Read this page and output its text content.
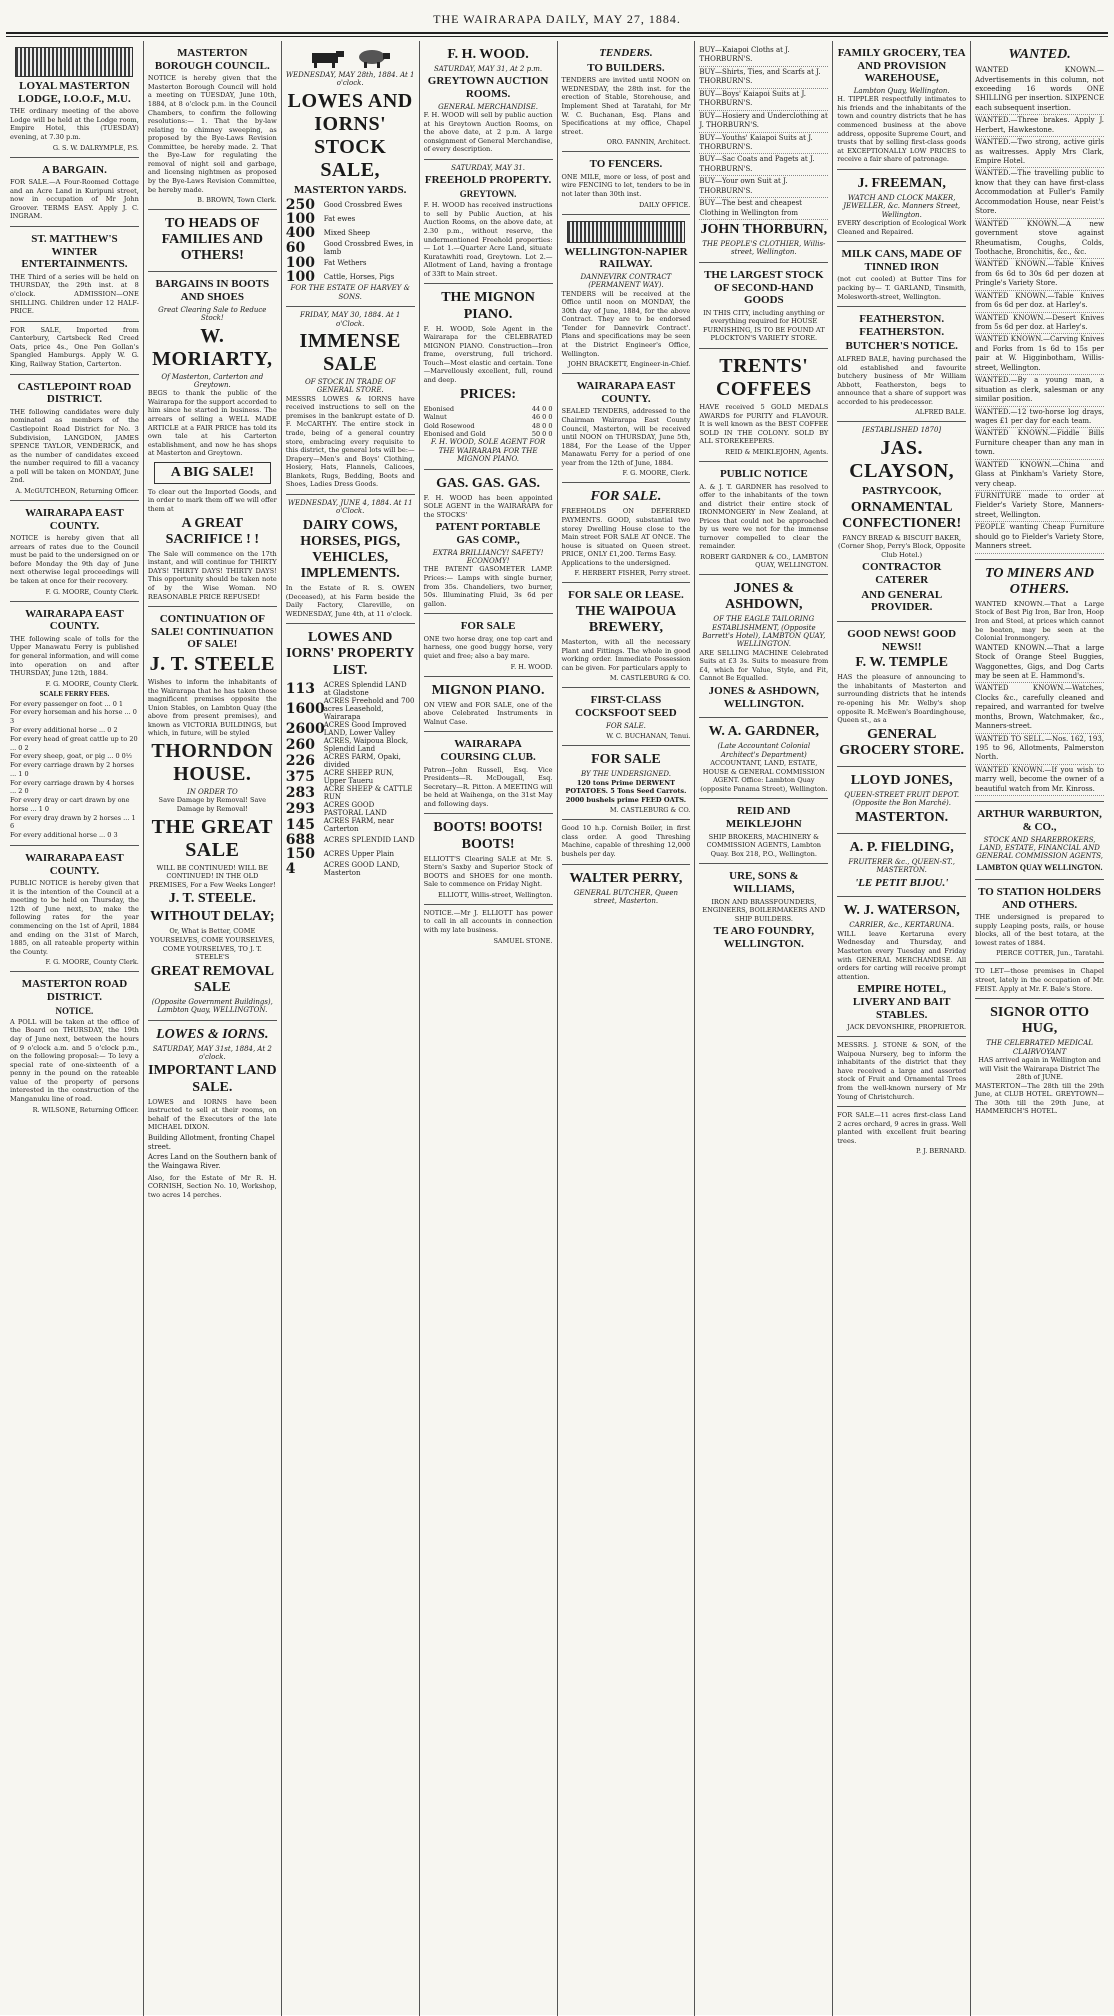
THE WAIRARAPA DAILY, MAY 27, 1884.
LOYAL MASTERTON LODGE, I.O.O.F., M.U.

THE ordinary meeting of the above Lodge will be held at the Lodge room, Empire Hotel, this (TUESDAY) evening, at 7.30 p.m.

G. S. W. DALRYMPLE, P.S.
A BARGAIN.

FOR SALE.—A Four-Roomed Cottage and an Acre Land in Kuripuni street, now in occupation of Mr John Groover. TERMS EASY. Apply J. C. INGRAM.

ST. MATTHEW'S WINTER ENTERTAINMENTS.

THE Third of a series will be held on THURSDAY, the 29th inst. at 8 o'clock. ADMISSION—ONE SHILLING. Children under 12 HALF-PRICE.

FOR SALE, Imported from Canterbury, Cartsbeck Red Creed Oats, price 4s., One Pen Gollan's Spangled Hamburgs. Apply W. G. King, Railway Station, Carterton.

CASTLEPOINT ROAD DISTRICT.

THE following candidates were duly nominated as members of the Castlepoint Road District for No. 3 Subdivision, LANGDON, JAMES SPENCE TAYLOR, VENDERICK, and as the number of candidates exceed the number required to fill a vacancy a poll will be taken on MONDAY, June 2nd.

A. McGUTCHEON, Returning Officer.
WAIRARAPA EAST COUNTY.

NOTICE is hereby given that all arrears of rates due to the Council must be paid to the undersigned on or before Monday the 9th day of June next otherwise legal proceedings will be taken at once for their recovery.

F. G. MOORE, County Clerk.
WAIRARAPA EAST COUNTY.

THE following scale of tolls for the Upper Manawatu Ferry is published for general information, and will come into operation on and after THURSDAY, June 12th, 1884.

F. G. MOORE, County Clerk.
SCALE FERRY FEES.
For every passenger on foot ... 0 1
For every horseman and his horse ... 0 3
For every additional horse ... 0 2
For every head of great cattle up to 20 ... 0 2
For every sheep, goat, or pig ... 0 0½
For every carriage drawn by 2 horses ... 1 0
For every carriage drawn by 4 horses ... 2 0
For every dray or cart drawn by one horse ... 1 0
For every dray drawn by 2 horses ... 1 6
For every additional horse ... 0 3
WAIRARAPA EAST COUNTY.

PUBLIC NOTICE is hereby given that it is the intention of the Council at a meeting to be held on Thursday, the 12th of June next, to make the following rates for the year commencing on the 1st of April, 1884 and ending on the 31st of March, 1885, on all rateable property within the County.

F. G. MOORE, County Clerk.
MASTERTON ROAD DISTRICT.
NOTICE.

A POLL will be taken at the office of the Board on THURSDAY, the 19th day of June next, between the hours of 9 o'clock a.m. and 5 o'clock p.m., on the following proposal:— To levy a special rate of one-sixteenth of a penny in the pound on the rateable value of the property of persons interested in the construction of the Manganuku line of road.

R. WILSONE, Returning Officer.
MASTERTON BOROUGH COUNCIL.

NOTICE is hereby given that the Masterton Borough Council will hold a meeting on TUESDAY, June 10th, 1884, at 8 o'clock p.m. in the Council Chambers, to confirm the following resolutions:— 1. That the by-law relating to chimney sweeping, as proposed by the Bye-Laws Revision Committee, be hereby made. 2. That the Bye-Law for regulating the removal of night soil and garbage, and licensing nightmen as proposed by the Bye-Laws Revision Committee, be hereby made.

B. BROWN, Town Clerk.
TO HEADS OF FAMILIES AND OTHERS!
BARGAINS IN BOOTS AND SHOES
Great Clearing Sale to Reduce Stock!
W. MORIARTY,
Of Masterton, Carterton and Greytown.

BEGS to thank the public of the Wairarapa for the support accorded to him since he started in business. The arrears of selling a WELL MADE ARTICLE at a FAIR PRICE has told its own tale at his Carterton establishment, and now he has shops at Masterton and Greytown.

A BIG SALE!

To clear out the Imported Goods, and in order to mark them off we will offer them at

A GREAT SACRIFICE ! !

The Sale will commence on the 17th instant, and will continue for THIRTY DAYS! THIRTY DAYS! THIRTY DAYS! This opportunity should be taken note of by the Wise Woman. NO REASONABLE PRICE REFUSED!

CONTINUATION OF SALE! CONTINUATION OF SALE!
J. T. STEELE

Wishes to inform the inhabitants of the Wairarapa that he has taken those magnificent premises opposite the Union Stables, on Lambton Quay (the above from present premises), and known as VICTORIA BUILDINGS, but which, in future, will be styled

THORNDON HOUSE.
IN ORDER TO

Save Damage by Removal! Save Damage by Removal!

THE GREAT SALE

WILL BE CONTINUED! WILL BE CONTINUED! IN THE OLD PREMISES, For a Few Weeks Longer!

J. T. STEELE.
WITHOUT DELAY;

Or, What is Better, COME YOURSELVES, COME YOURSELVES, COME YOURSELVES, TO J. T. STEELE'S

GREAT REMOVAL SALE
(Opposite Government Buildings), Lambton Quay, WELLINGTON.
LOWES & IORNS.
SATURDAY, MAY 31st, 1884, At 2 o'clock.
IMPORTANT LAND SALE.

LOWES and IORNS have been instructed to sell at their rooms, on behalf of the Executors of the late MICHAEL DIXON.

Building Allotment, fronting Chapel street.
Acres Land on the Southern bank of the Waingawa River.

Also, for the Estate of Mr R. H. CORNISH, Section No. 10, Workshop, two acres 14 perches.

WEDNESDAY, MAY 28th, 1884. At 1 o'clock.
LOWES AND IORNS' STOCK SALE,
MASTERTON YARDS.
250	Good Crossbred Ewes
100	Fat ewes
400	Mixed Sheep
60	Good Crossbred Ewes, in lamb
100	Fat Wethers
100	Cattle, Horses, Pigs
FOR THE ESTATE OF HARVEY & SONS.
FRIDAY, MAY 30, 1884. At 1 o'Clock.
IMMENSE SALE
OF STOCK IN TRADE OF GENERAL STORE.

MESSRS LOWES & IORNS have received instructions to sell on the premises in the bankrupt estate of D. F. McCARTHY. The entire stock in trade, being of a general country store, embracing every requisite to this district, the general lots will be:— Drapery—Men's and Boys' Clothing, Hosiery, Hats, Flannels, Calicoes, Blankets, Rugs, Bedding, Boots and Shoes, Ladies Dress Goods.

WEDNESDAY, JUNE 4, 1884. At 11 o'Clock.
DAIRY COWS, HORSES, PIGS, VEHICLES, IMPLEMENTS.

In the Estate of R. S. OWEN (Deceased), at his Farm beside the Daily Factory, Clareville, on WEDNESDAY, June 4th, at 11 o'clock.

LOWES AND IORNS' PROPERTY LIST.
113	ACRES Splendid LAND at Gladstone
1600 ACRES Freehold and 700 acres Leasehold, Wairarapa
2600 ACRES Good Improved LAND, Lower Valley
260	ACRES, Waipoua Block, Splendid Land
226	ACRES FARM, Opaki, divided
375	ACRE SHEEP RUN, Upper Taueru
283	ACRE SHEEP & CATTLE RUN
293	ACRES GOOD PASTORAL LAND
145	ACRES FARM, near Carterton
688	ACRES SPLENDID LAND
150	ACRES Upper Plain
4	ACRES GOOD LAND, Masterton
F. H. WOOD.
SATURDAY, MAY 31, At 2 p.m.
GREYTOWN AUCTION ROOMS.
GENERAL MERCHANDISE.

F. H. WOOD will sell by public auction at his Greytown Auction Rooms, on the above date, at 2 p.m. A large consignment of General Merchandise, of every description.

SATURDAY, MAY 31.
FREEHOLD PROPERTY.
GREYTOWN.

F. H. WOOD has received instructions to sell by Public Auction, at his Auction Rooms, on the above date, at 2.30 p.m., without reserve, the undermentioned Freehold properties:— Lot 1.—Quarter Acre Land, situate Kuratawhiti road, Greytown. Lot 2.—Allotment of Land, having a frontage of 33ft to Main street.

THE MIGNON PIANO.

F. H. WOOD, Sole Agent in the Wairarapa for the CELEBRATED MIGNON PIANO. Construction—Iron frame, overstrung, full trichord. Touch—Most elastic and certain. Tone—Marvellously excellent, full, round and deep.

PRICES:
Ebonised	44 0 0
Walnut	46 0 0
Gold Rosewood	48 0 0
Ebonised and Gold	50 0 0
F. H. WOOD, SOLE AGENT FOR THE WAIRARAPA FOR THE MIGNON PIANO.
GAS. GAS. GAS.

F. H. WOOD has been appointed SOLE AGENT in the WAIRARAPA for the STOCKS'

PATENT PORTABLE GAS COMP.,
EXTRA BRILLIANCY! SAFETY! ECONOMY!

THE PATENT GASOMETER LAMP. Prices:— Lamps with single burner, from 35s. Chandeliers, two burner, 50s. Illuminating Fluid, 3s 6d per gallon.

FOR SALE

ONE two horse dray, one top cart and harness, one good buggy horse, very quiet and free; also a bay mare.

F. H. WOOD.
MIGNON PIANO.

ON VIEW and FOR SALE, one of the above Celebrated Instruments in Walnut Case.

WAIRARAPA COURSING CLUB.

Patron—John Russell, Esq. Vice Presidents—R. McDougall, Esq. Secretary—R. Pitton. A MEETING will be held at Waihenga, on the 31st May and following days.

BOOTS! BOOTS! BOOTS!

ELLIOTT'S Clearing SALE at Mr. S. Stern's Saxby and Superior Stock of BOOTS and SHOES for one month. Sale to commence on Friday Night.

ELLIOTT, Willis-street, Wellington.

NOTICE.—Mr J. ELLIOTT has power to call in all accounts in connection with my late business.

SAMUEL STONE.
TENDERS.
TO BUILDERS.

TENDERS are invited until NOON on WEDNESDAY, the 28th inst. for the erection of Stable, Storehouse, and Implement Shed at Taratahi, for Mr W. C. Buchanan, Esq. Plans and Specifications at my office, Chapel street.

ORO. FANNIN, Architect.
TO FENCERS.

ONE MILE, more or less, of post and wire FENCING to let, tenders to be in not later than 30th inst.

DAILY OFFICE.
WELLINGTON-NAPIER RAILWAY.
DANNEVIRK CONTRACT (PERMANENT WAY).

TENDERS will be received at the Office until noon on MONDAY, the 30th day of June, 1884, for the above Contract. They are to be endorsed 'Tender for Dannevirk Contract'. Plans and specifications may be seen at the District Engineer's Office, Wellington.

JOHN BRACKETT, Engineer-in-Chief.
WAIRARAPA EAST COUNTY.

SEALED TENDERS, addressed to the Chairman Wairarapa East County Council, Masterton, will be received until NOON on THURSDAY, June 5th, 1884, For the Lease of the Upper Manawatu Ferry for a period of one year from the 12th of June, 1884.

F. G. MOORE, Clerk.
FOR SALE.

FREEHOLDS ON DEFERRED PAYMENTS. GOOD, substantial two storey Dwelling House close to the Main street FOR SALE AT ONCE. The house is situated on Queen street. PRICE, ONLY £1,200. Terms Easy.

Applications to the undersigned.

F. HERBERT FISHER, Perry street.
FOR SALE OR LEASE.
THE WAIPOUA BREWERY,

Masterton, with all the necessary Plant and Fittings. The whole in good working order. Immediate Possession can be given. For particulars apply to

M. CASTLEBURG & CO.
FIRST-CLASS COCKSFOOT SEED
FOR SALE.
W. C. BUCHANAN, Tenui.
FOR SALE
BY THE UNDERSIGNED.

120 tons Prime DERWENT POTATOES. 5 Tons Seed Carrots. 2000 bushels prime FEED OATS.

M. CASTLEBURG & CO.

Good 10 h.p. Cornish Boiler, in first class order. A good Threshing Machine, capable of threshing 12,000 bushels per day.

WALTER PERRY,
GENERAL BUTCHER, Queen street, Masterton.
BUY—Kaiapoi Cloths at J. THORBURN'S.
BUY—Shirts, Ties, and Scarfs at J. THORBURN'S.
BUY—Boys' Kaiapoi Suits at J. THORBURN'S.
BUY—Hosiery and Underclothing at J. THORBURN'S.
BUY—Youths' Kaiapoi Suits at J. THORBURN'S.
BUY—Sac Coats and Pagets at J. THORBURN'S.
BUY—Your own Suit at J. THORBURN'S.
BUY—The best and cheapest Clothing in Wellington from
JOHN THORBURN,
THE PEOPLE'S CLOTHIER, Willis-street, Wellington.
THE LARGEST STOCK OF SECOND-HAND GOODS

IN THIS CITY, including anything or everything required for HOUSE FURNISHING, IS TO BE FOUND AT PLOCKTON'S VARIETY STORE.

TRENTS' COFFEES

HAVE received 5 GOLD MEDALS AWARDS for PURITY and FLAVOUR. It is well known as the BEST COFFEE SOLD IN THE COLONY. SOLD BY ALL STOREKEEPERS.

REID & MEIKLEJOHN, Agents.
PUBLIC NOTICE

A. & J. T. GARDNER has resolved to offer to the inhabitants of the town and district their entire stock of IRONMONGERY in New Zealand, at Prices that could not be approached by us were we not for the immense turnover compelled to clear the remainder.

ROBERT GARDNER & CO., LAMBTON QUAY, WELLINGTON.
JONES & ASHDOWN,
OF THE EAGLE TAILORING ESTABLISHMENT, (Opposite Barrett's Hotel), LAMBTON QUAY, WELLINGTON.

ARE SELLING MACHINE Celebrated Suits at £3 3s. Suits to measure from £4, which for Value, Style, and Fit, Cannot Be Equalled.

JONES & ASHDOWN, WELLINGTON.
W. A. GARDNER,
(Late Accountant Colonial Architect's Department)

ACCOUNTANT, LAND, ESTATE, HOUSE & GENERAL COMMISSION AGENT. Office: Lambton Quay (opposite Panama Street), Wellington.

REID AND MEIKLEJOHN

SHIP BROKERS, MACHINERY & COMMISSION AGENTS, Lambton Quay. Box 218, P.O., Wellington.

URE, SONS & WILLIAMS,

IRON AND BRASSFOUNDERS, ENGINEERS, BOILERMAKERS AND SHIP BUILDERS.

TE ARO FOUNDRY, WELLINGTON.
FAMILY GROCERY, TEA AND PROVISION WAREHOUSE,
Lambton Quay, Wellington.

H. TIPPLER respectfully intimates to his friends and the inhabitants of the town and country districts that he has commenced business at the above address, opposite Supreme Court, and trusts that by selling first-class goods at EXCEPTIONALLY LOW PRICES to receive a fair share of patronage.

J. FREEMAN,
WATCH AND CLOCK MAKER, JEWELLER, &c. Manners Street, Wellington.

EVERY description of Ecological Work Cleaned and Repaired.

MILK CANS, MADE OF TINNED IRON

(not cut cooled) at Butter Tins for packing by— T. GARLAND, Tinsmith, Molesworth-street, Wellington.

FEATHERSTON. FEATHERSTON.
BUTCHER'S NOTICE.

ALFRED BALE, having purchased the old established and favourite butchery business of Mr William Abbott, Featherston, begs to announce that a share of support was accorded to his predecessor.

ALFRED BALE.
[ESTABLISHED 1870]
JAS. CLAYSON,
PASTRYCOOK,
ORNAMENTAL CONFECTIONER!

FANCY BREAD & BISCUIT BAKER, (Corner Shop, Perry's Block, Opposite Club Hotel.)

CONTRACTOR CATERER
AND GENERAL PROVIDER.
GOOD NEWS! GOOD NEWS!!
F. W. TEMPLE

HAS the pleasure of announcing to the inhabitants of Masterton and surrounding districts that he intends re-opening his Mr. Welby's shop opposite R. McEwen's Boardinghouse, Queen st., as a

GENERAL GROCERY STORE.
LLOYD JONES,
QUEEN-STREET FRUIT DEPOT. (Opposite the Bon Marché).
MASTERTON.
A. P. FIELDING,
FRUITERER &c., QUEEN-ST., MASTERTON.
'LE PETIT BIJOU.'
W. J. WATERSON,
CARRIER, &c., KERTARUNA.

WILL leave Kertaruna every Wednesday and Thursday, and Masterton every Tuesday and Friday with GENERAL MERCHANDISE. All orders for carting will receive prompt attention.

EMPIRE HOTEL, LIVERY AND BAIT STABLES.
JACK DEVONSHIRE, PROPRIETOR.

MESSRS. J. STONE & SON, of the Waipoua Nursery, beg to inform the inhabitants of the district that they have received a large and assorted stock of Fruit and Ornamental Trees from the well-known nursery of Mr Young of Christchurch.

FOR SALE—11 acres first-class Land 2 acres orchard, 9 acres in grass. Well planted with excellent fruit bearing trees.

P. J. BERNARD.
WANTED.

WANTED KNOWN.—Advertisements in this column, not exceeding 16 words ONE SHILLING per insertion. SIXPENCE each subsequent insertion.

WANTED.—Three brakes. Apply J. Herbert, Hawkestone.

WANTED.—Two strong, active girls as waitresses. Apply Mrs Clark, Empire Hotel.

WANTED.—The travelling public to know that they can have first-class Accommodation at Fuller's Family Accommodation House, near Feist's Store.

WANTED KNOWN.—A new government stove against Rheumatism, Coughs, Colds, Toothache, Bronchitis, &c., &c.

WANTED KNOWN.—Table Knives from 6s 6d to 30s 6d per dozen at Pringle's Variety Store.

WANTED KNOWN.—Table Knives from 6s 6d per doz. at Harley's.

WANTED KNOWN.—Desert Knives from 5s 6d per doz. at Harley's.

WANTED KNOWN.—Carving Knives and Forks from 1s 6d to 15s per pair at W. Higginbotham, Willis-street, Wellington.

WANTED.—By a young man, a situation as clerk, salesman or any similar position.

WANTED.—12 two-horse log drays, wages £1 per day for each team.

WANTED KNOWN.—Fiddle Bills Furniture cheaper than any man in town.

WANTED KNOWN.—China and Glass at Pinkham's Variety Store, very cheap.

FURNITURE made to order at Fielder's Variety Store, Manners-street, Wellington.

PEOPLE wanting Cheap Furniture should go to Fielder's Variety Store, Manners street.

TO MINERS AND OTHERS.

WANTED KNOWN.—That a Large Stock of Best Pig Iron, Bar Iron, Hoop Iron and Steel, at prices which cannot be beaten, may be seen at the Colonial Ironmongery.

WANTED KNOWN.—That a large Stock of Orange Steel Buggies, Waggonettes, Gigs, and Dog Carts may be seen at E. Hammond's.

WANTED KNOWN.—Watches, Clocks &c., carefully cleaned and repaired, and warranted for twelve months, Brown, Watchmaker, &c., Manners-street.

WANTED TO SELL.—Nos. 162, 193, 195 to 96, Allotments, Palmerston North.

WANTED KNOWN.—If you wish to marry well, become the owner of a beautiful watch from Mr. Kinross.

ARTHUR WARBURTON, & CO.,
STOCK AND SHAREBROKERS, LAND, ESTATE, FINANCIAL AND GENERAL COMMISSION AGENTS,
LAMBTON QUAY WELLINGTON.
TO STATION HOLDERS AND OTHERS.

THE undersigned is prepared to supply Leaping posts, rails, or house blocks, all of the best totara, at the lowest rates of 1884.

PIERCE COTTER, Jun., Taratahi.

TO LET—those premises in Chapel street, lately in the occupation of Mr. FEIST. Apply at Mr. F. Bale's Store.

SIGNOR OTTO HUG,
THE CELEBRATED MEDICAL CLAIRVOYANT

HAS arrived again in Wellington and will Visit the Wairarapa District The 28th of JUNE.

MASTERTON—The 28th till the 29th June, at CLUB HOTEL. GREYTOWN—The 30th till the 29th June, at HAMMERICH'S HOTEL.
